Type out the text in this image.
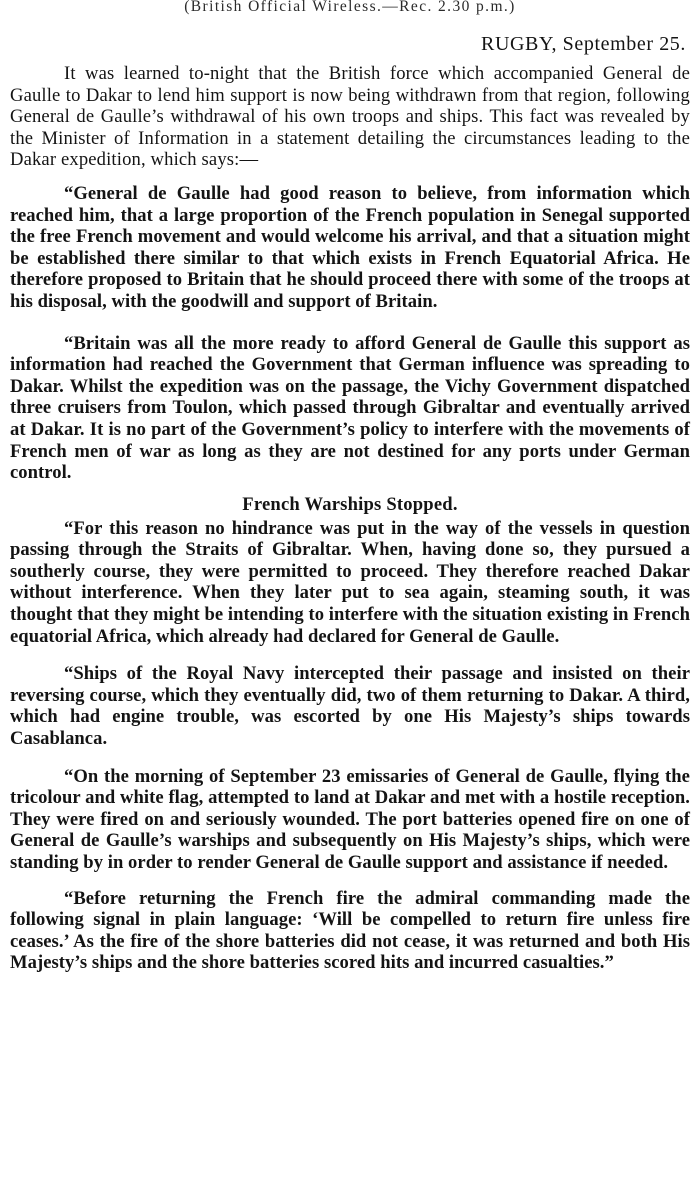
(British Official Wireless.—Rec. 2.30 p.m.)
RUGBY, September 25.

It was learned to-night that the British force which accompanied General de Gaulle to Dakar to lend him support is now being withdrawn from that region, following General de Gaulle’s withdrawal of his own troops and ships. This fact was revealed by the Minister of Information in a statement detailing the circumstances leading to the Dakar expedition, which says:—

“General de Gaulle had good reason to believe, from information which reached him, that a large proportion of the French population in Senegal supported the free French movement and would welcome his arrival, and that a situation might be established there similar to that which exists in French Equatorial Africa. He therefore proposed to Britain that he should proceed there with some of the troops at his disposal, with the goodwill and support of Britain.

“Britain was all the more ready to afford General de Gaulle this support as information had reached the Government that German influence was spreading to Dakar. Whilst the expedition was on the passage, the Vichy Government dispatched three cruisers from Toulon, which passed through Gibraltar and eventually arrived at Dakar. It is no part of the Government’s policy to interfere with the movements of French men of war as long as they are not destined for any ports under German control.

French Warships Stopped.

“For this reason no hindrance was put in the way of the vessels in question passing through the Straits of Gibraltar. When, having done so, they pursued a southerly course, they were permitted to proceed. They therefore reached Dakar without interference. When they later put to sea again, steaming south, it was thought that they might be intending to interfere with the situation existing in French equatorial Africa, which already had declared for General de Gaulle.

“Ships of the Royal Navy intercepted their passage and insisted on their reversing course, which they eventually did, two of them returning to Dakar. A third, which had engine trouble, was escorted by one His Majesty’s ships towards Casablanca.

“On the morning of September 23 emissaries of General de Gaulle, flying the tricolour and white flag, attempted to land at Dakar and met with a hostile reception. They were fired on and seriously wounded. The port batteries opened fire on one of General de Gaulle’s warships and subsequently on His Majesty’s ships, which were standing by in order to render General de Gaulle support and assistance if needed.

“Before returning the French fire the admiral commanding made the following signal in plain language: ‘Will be compelled to return fire unless fire ceases.’ As the fire of the shore batteries did not cease, it was returned and both His Majesty’s ships and the shore batteries scored hits and incurred casualties.”
